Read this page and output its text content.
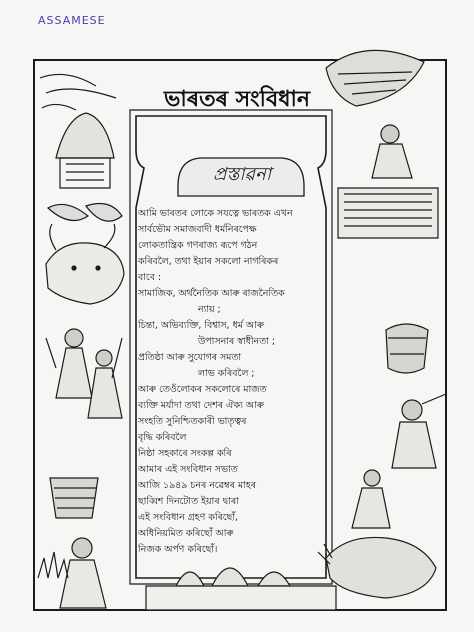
ASSAMESE
ভাৰতৰ সংবিধান
প্ৰস্তাৱনা
আমি ভাৰতৰ লোকে সযত্নে ভাৰতক এখন
সাৰ্বভৌম সমাজবাদী ধৰ্মনিৰপেক্ষ
লোকতান্ত্ৰিক গণৰাজ্য ৰূপে গঠন
কৰিবলৈ, তথা ইয়াৰ সকলো নাগৰিকৰ
বাবে :
সামাজিক, অৰ্থনৈতিক আৰু ৰাজনৈতিক
ন্যায় ;
চিন্তা, অভিব্যক্তি, বিশ্বাস, ধৰ্ম আৰু
উপাসনাৰ স্বাধীনতা ;
প্ৰতিষ্ঠা আৰু সুযোগৰ সমতা
লাভ কৰিবলৈ ;
আৰু তেওঁলোকৰ সকলোৰে মাজত
ব্যক্তি মৰ্যাদা তথা দেশৰ ঐক্য আৰু
সংহতি সুনিশ্চিতকাৰী ভাতৃত্বৰ
বৃদ্ধি কৰিবলৈ
নিষ্ঠা সহকাৰে সংকল্প কৰি
আমাৰ এই সংবিধান সভাত
আজি ১৯৪৯ চনৰ নৱেম্বৰ মাহৰ
ছাব্বিশ দিনটোত ইয়াৰ দ্বাৰা
এই সংবিধান গ্ৰহণ কৰিছোঁ,
অধিনিয়মিত কৰিছোঁ আৰু
নিজক অৰ্পণ কৰিছোঁ।
